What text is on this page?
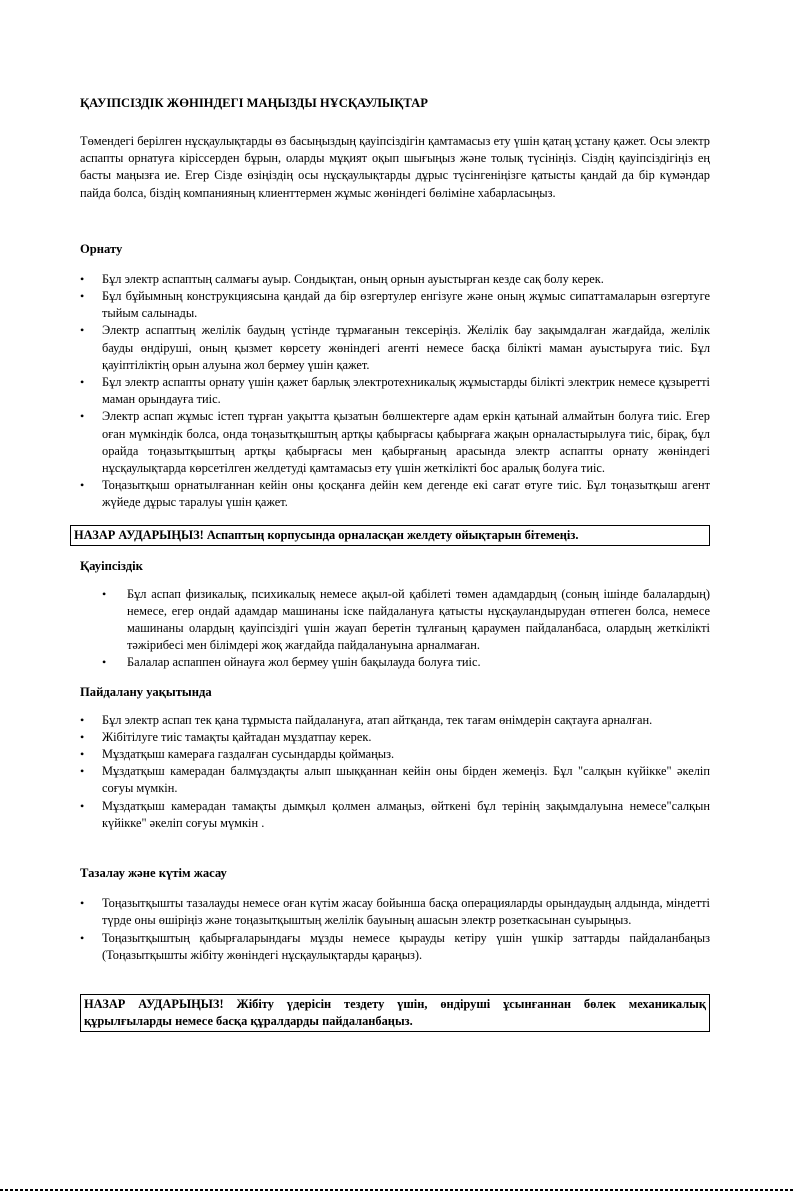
ҚАУІПСІЗДІК ЖӨНІНДЕГІ МАҢЫЗДЫ НҰСҚАУЛЫҚТАР

Төмендегі берілген нұсқаулықтарды өз басыңыздың қауіпсіздігін қамтамасыз ету үшін қатаң ұстану қажет. Осы электр аспапты орнатуға кіріссерден бұрын, оларды мұқият оқып шығыңыз және толық түсініңіз. Сіздің қауіпсіздігіңіз ең басты маңызға ие. Егер Сізде өзіңіздің осы нұсқаулықтарды дұрыс түсінгеніңізге қатысты қандай да бір күмәндар пайда болса, біздің компанияның клиенттермен жұмыс жөніндегі бөліміне хабарласыңыз.

Орнату
• Бұл электр аспаптың салмағы ауыр. Сондықтан, оның орнын ауыстырған кезде сақ болу керек.
• Бұл бұйымның конструкциясына қандай да бір өзгертулер енгізуге және оның жұмыс сипаттамаларын өзгертуге тыйым салынады.
• Электр аспаптың желілік баудың үстінде тұрмағанын тексеріңіз. Желілік бау зақымдалған жағдайда, желілік бауды өндіруші, оның қызмет көрсету жөніндегі агенті немесе басқа білікті маман ауыстыруға тиіс. Бұл қауіптіліктің орын алуына жол бермеу үшін қажет.
• Бұл электр аспапты орнату үшін қажет барлық электротехникалық жұмыстарды білікті электрик немесе құзыретті маман орындауға тиіс.
• Электр аспап жұмыс істеп тұрған уақытта қызатын бөлшектерге адам еркін қатынай алмайтын болуға тиіс. Егер оған мүмкіндік болса, онда тоңазытқыштың артқы қабырғасы қабырғаға жақын орналастырылуға тиіс, бірақ, бұл орайда тоңазытқыштың артқы қабырғасы мен қабырғаның арасында электр аспапты орнату жөніндегі нұсқаулықтарда көрсетілген желдетуді қамтамасыз ету үшін жеткілікті бос аралық болуға тиіс.
• Тоңазытқыш орнатылғаннан кейін оны қосқанға дейін кем дегенде екі сағат өтуге тиіс. Бұл тоңазытқыш агент жүйеде дұрыс таралуы үшін қажет.
НАЗАР АУДАРЫҢЫЗ! Аспаптың корпусында орналасқан желдету ойықтарын бітемеңіз.
Қауіпсіздік
• Бұл аспап физикалық, психикалық немесе ақыл-ой қабілеті төмен адамдардың (соның ішінде балалардың) немесе, егер ондай адамдар машинаны іске пайдалануға қатысты нұсқауландырудан өтпеген болса, немесе машинаны олардың қауіпсіздігі үшін жауап беретін тұлғаның қараумен пайдаланбаса, олардың жеткілікті тәжірибесі мен білімдері жоқ жағдайда пайдалануына арналмаған.
• Балалар аспаппен ойнауға жол бермеу үшін бақылауда болуға тиіс.
Пайдалану уақытында
• Бұл электр аспап тек қана тұрмыста пайдалануға, атап айтқанда, тек тағам өнімдерін сақтауға арналған.
• Жібітілуге тиіс тамақты қайтадан мұздатпау керек.
• Мұздатқыш камераға газдалған сусындарды қоймаңыз.
• Мұздатқыш камерадан балмұздақты алып шыққаннан кейін оны бірден жемеңіз. Бұл "салқын күйікке" әкеліп соғуы мүмкін.
• Мұздатқыш камерадан тамақты дымқыл қолмен алмаңыз, өйткені бұл терінің зақымдалуына немесе"салқын күйікке" әкеліп соғуы мүмкін .
Тазалау және күтім жасау
• Тоңазытқышты тазалауды немесе оған күтім жасау бойынша басқа операцияларды орындаудың алдында, міндетті түрде оны өшіріңіз және тоңазытқыштың желілік бауының ашасын электр розеткасынан суырыңыз.
• Тоңазытқыштың қабырғаларындағы мұзды немесе қырауды кетіру үшін үшкір заттарды пайдаланбаңыз (Тоңазытқышты жібіту жөніндегі нұсқаулықтарды қараңыз).
НАЗАР АУДАРЫҢЫЗ! Жібіту үдерісін тездету үшін, өндіруші ұсынғаннан бөлек механикалық құрылғыларды немесе басқа құралдарды пайдаланбаңыз.
